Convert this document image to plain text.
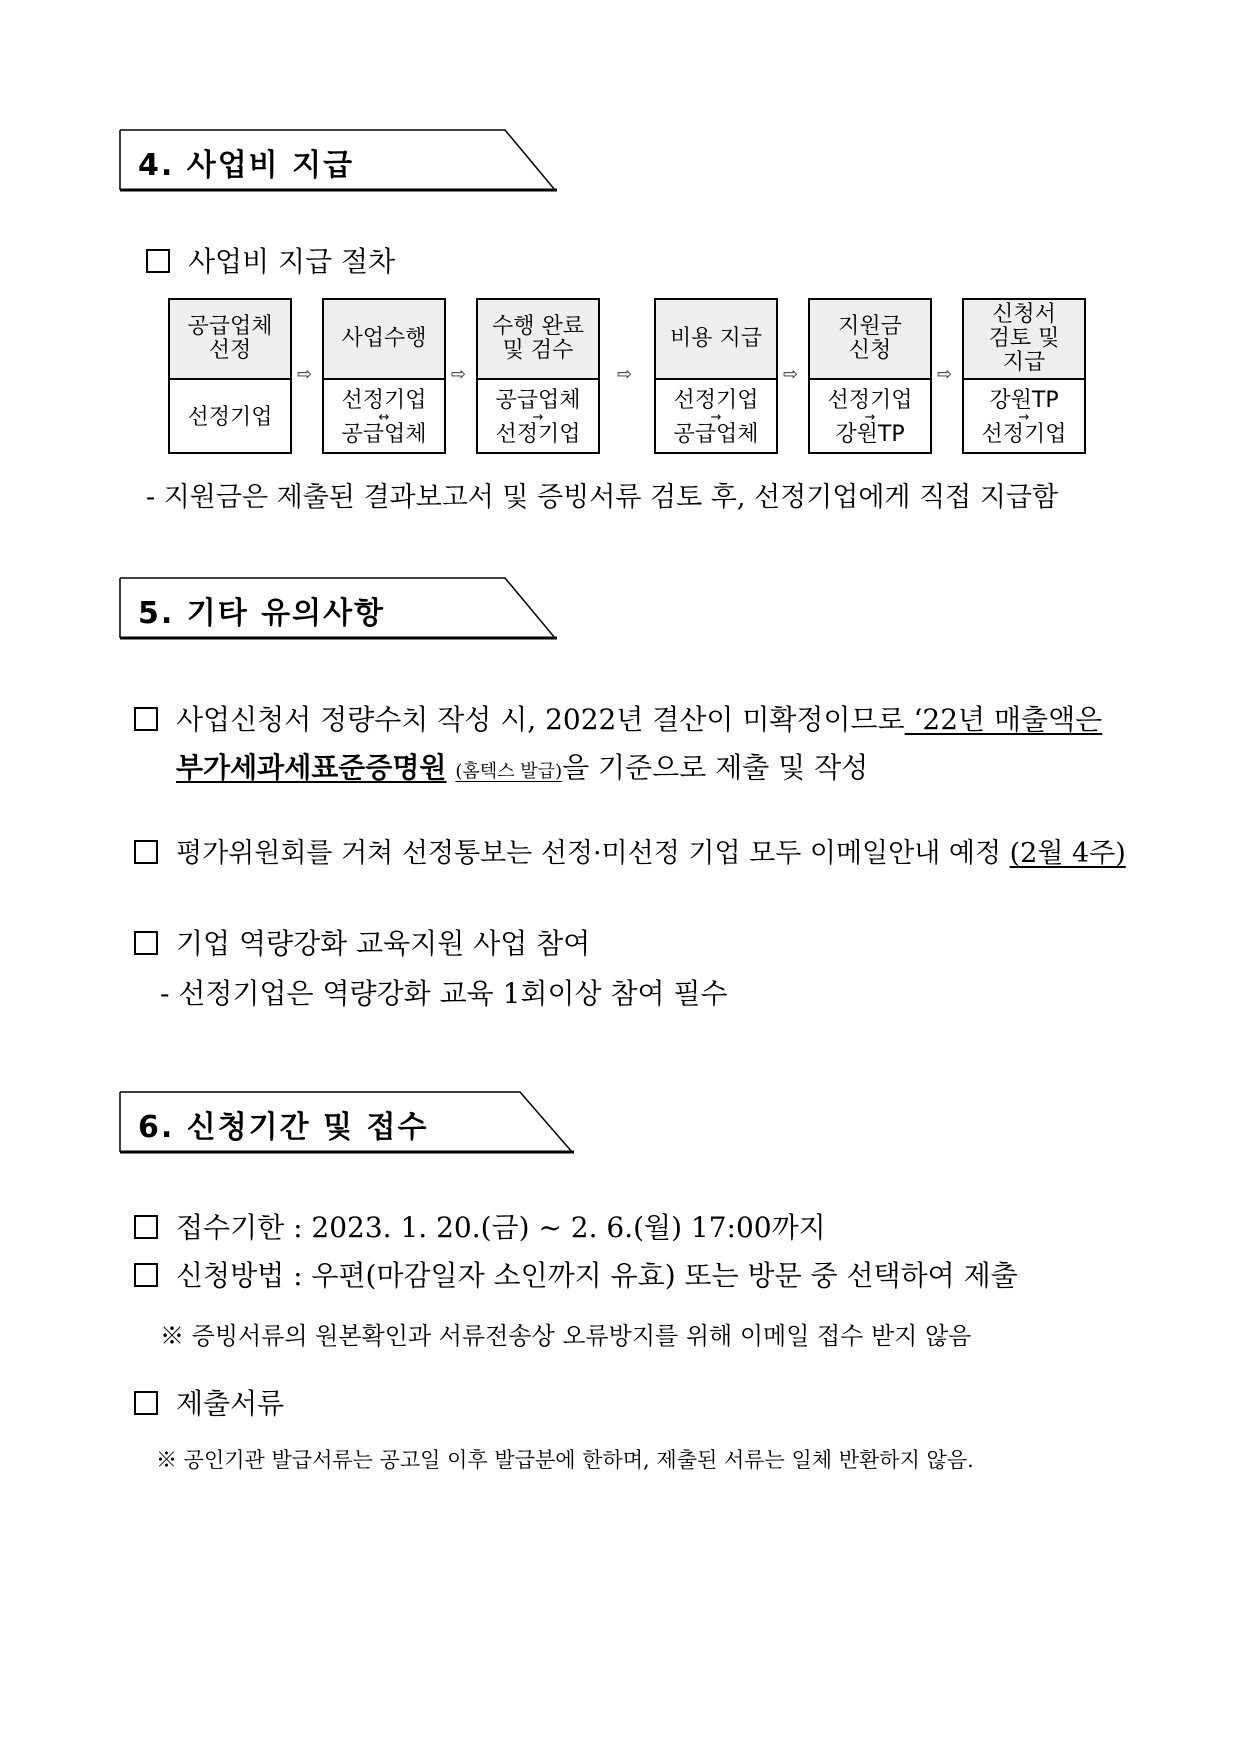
4. 사업비 지급
사업비 지급 절차
공급업체
선정
선정기업
⇨
사업수행
선정기업
↔
공급업체
⇨
수행 완료
및 검수
공급업체
→
선정기업
⇨
비용 지급
선정기업
→
공급업체
⇨
지원금
신청
선정기업
→
강원TP
⇨
신청서
검토 및
지급
강원TP
→
선정기업
- 지원금은 제출된 결과보고서 및 증빙서류 검토 후, 선정기업에게 직접 지급함
5. 기타 유의사항
사업신청서 정량수치 작성 시, 2022년 결산이 미확정이므로 ‘22년 매출액은
부가세과세표준증명원 (홈텍스 발급)을 기준으로 제출 및 작성
평가위원회를 거쳐 선정통보는 선정·미선정 기업 모두 이메일안내 예정 (2월 4주)
기업 역량강화 교육지원 사업 참여
- 선정기업은 역량강화 교육 1회이상 참여 필수
6. 신청기간 및 접수
접수기한 : 2023. 1. 20.(금) ~ 2. 6.(월) 17:00까지
신청방법 : 우편(마감일자 소인까지 유효) 또는 방문 중 선택하여 제출
※ 증빙서류의 원본확인과 서류전송상 오류방지를 위해 이메일 접수 받지 않음
제출서류
※ 공인기관 발급서류는 공고일 이후 발급분에 한하며, 제출된 서류는 일체 반환하지 않음.
